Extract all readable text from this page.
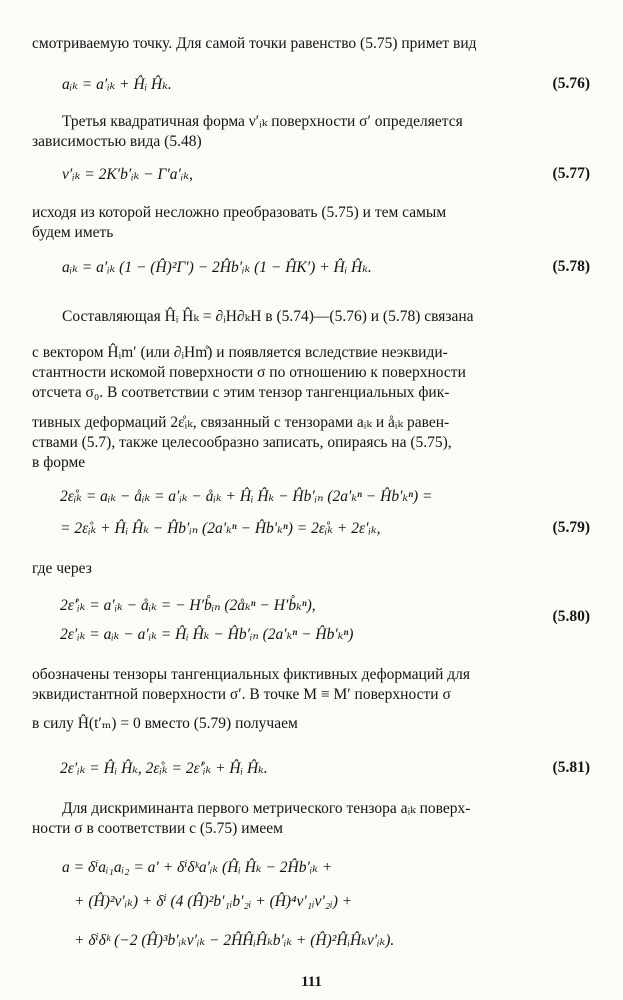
смотриваемую точку. Для самой точки равенство (5.75) примет вид
aᵢₖ = a′ᵢₖ + Ĥᵢ Ĥₖ.	(5.76)
Третья квадратичная форма ν′ᵢₖ поверхности σ′ определяется
зависимостью вида (5.48)
ν′ᵢₖ = 2K′b′ᵢₖ − Γ′a′ᵢₖ,	(5.77)
исходя из которой несложно преобразовать (5.75) и тем самым
будем иметь
aᵢₖ = a′ᵢₖ (1 − (Ĥ)²Γ′) − 2Ĥb′ᵢₖ (1 − ĤK′) + Ĥᵢ Ĥₖ.	(5.78)
Составляющая Ĥᵢ Ĥₖ = ∂ᵢH∂ₖH в (5.74)—(5.76) и (5.78) связана
с вектором Ĥᵢm′ (или ∂ᵢHm̊) и появляется вследствие неэквиди-
стантности искомой поверхности σ по отношению к поверхности
отсчета σ₀. В соответствии с этим тензор тангенциальных фик-
тивных деформаций 2ε̊ᵢₖ, связанный с тензорами aᵢₖ и åᵢₖ равен-
ствами (5.7), также целесообразно записать, опираясь на (5.75),
в форме
2ε̊ᵢₖ = aᵢₖ − åᵢₖ = a′ᵢₖ − åᵢₖ + Ĥᵢ Ĥₖ − Ĥb′ᵢₙ (2a′ₖⁿ − Ĥb′ₖⁿ) =
= 2ε̊ᵢₖ + Ĥᵢ Ĥₖ − Ĥb′ᵢₙ (2a′ₖⁿ − Ĥb′ₖⁿ) = 2ε̊ᵢₖ + 2ε′ᵢₖ,	(5.79)
где через
2ε̊′ᵢₖ = a′ᵢₖ − åᵢₖ = − H′b̊ᵢₙ (2åₖⁿ − H′b̊ₖⁿ),
2ε′ᵢₖ = aᵢₖ − a′ᵢₖ = Ĥᵢ Ĥₖ − Ĥb′ᵢₙ (2a′ₖⁿ − Ĥb′ₖⁿ)
(5.80)
обозначены тензоры тангенциальных фиктивных деформаций для
эквидистантной поверхности σ′. В точке M ≡ M′ поверхности σ
в силу Ĥ(t′ₘ) = 0 вместо (5.79) получаем
2ε′ᵢₖ = Ĥᵢ Ĥₖ, 2ε̊ᵢₖ = 2ε̊′ᵢₖ + Ĥᵢ Ĥₖ.	(5.81)
Для дискриминанта первого метрического тензора aᵢₖ поверх-
ности σ в соответствии с (5.75) имеем
a = δⁱaᵢ₁aᵢ₂ = a′ + δⁱδᵏa′ᵢₖ (Ĥᵢ Ĥₖ − 2Ĥb′ᵢₖ +
+ (Ĥ)²ν′ᵢₖ) + δⁱ (4 (Ĥ)²b′₁ᵢb′₂ᵢ + (Ĥ)⁴ν′₁ᵢν′₂ᵢ) +
+ δⁱδᵏ (−2 (Ĥ)³b′ᵢₖν′ᵢₖ − 2ĤĤᵢĤₖb′ᵢₖ + (Ĥ)²ĤᵢĤₖν′ᵢₖ).
111
